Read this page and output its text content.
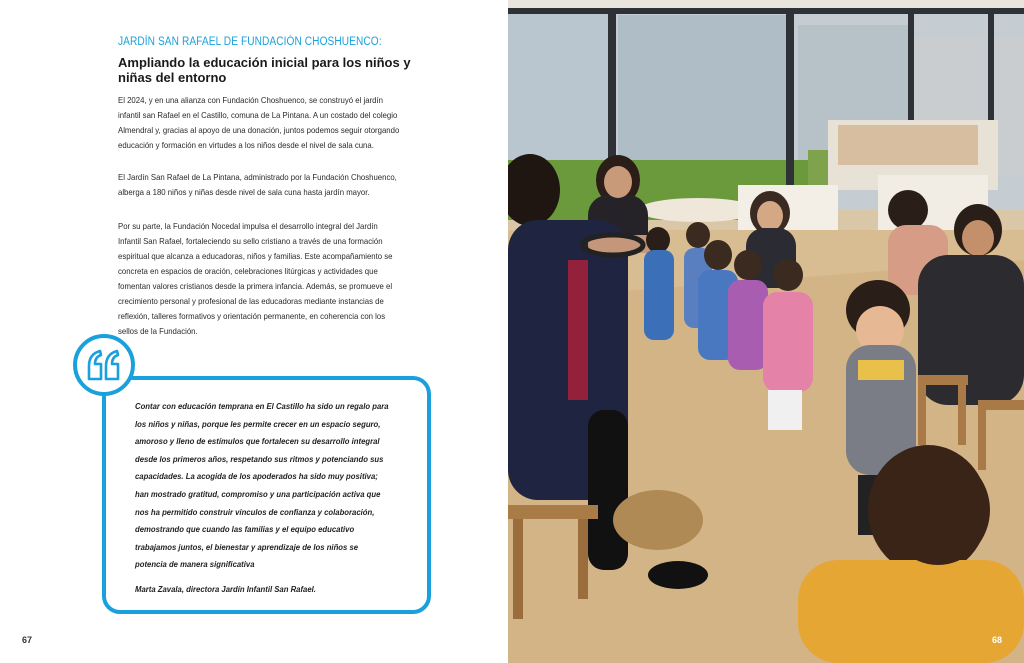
JARDÍN SAN RAFAEL DE FUNDACIÓN CHOSHUENCO:
Ampliando la educación inicial para los niños y niñas del entorno
El 2024, y en una alianza con Fundación Choshuenco, se construyó el jardín infantil san Rafael en el Castillo, comuna de La Pintana. A un costado del colegio Almendral y, gracias al apoyo de una donación, juntos podemos seguir otorgando educación y formación en virtudes a los niños desde el nivel de sala cuna.
El Jardín San Rafael de La Pintana, administrado por la Fundación Choshuenco, alberga a 180 niños y niñas desde nivel de sala cuna hasta jardín mayor.
Por su parte, la Fundación Nocedal impulsa el desarrollo integral del Jardín Infantil San Rafael, fortaleciendo su sello cristiano a través de una formación espiritual que alcanza a educadoras, niños y familias. Este acompañamiento se concreta en espacios de oración, celebraciones litúrgicas y actividades que fomentan valores cristianos desde la primera infancia. Además, se promueve el crecimiento personal y profesional de las educadoras mediante instancias de reflexión, talleres formativos y orientación permanente, en coherencia con los sellos de la Fundación.
Contar con educación temprana en El Castillo ha sido un regalo para los niños y niñas, porque les permite crecer en un espacio seguro, amoroso y lleno de estímulos que fortalecen su desarrollo integral desde los primeros años, respetando sus ritmos y potenciando sus capacidades. La acogida de los apoderados ha sido muy positiva; han mostrado gratitud, compromiso y una participación activa que nos ha permitido construir vínculos de confianza y colaboración, demostrando que cuando las familias y el equipo educativo trabajamos juntos, el bienestar y aprendizaje de los niños se potencia de manera significativa
Marta Zavala, directora Jardín Infantil San Rafael.
67	68
